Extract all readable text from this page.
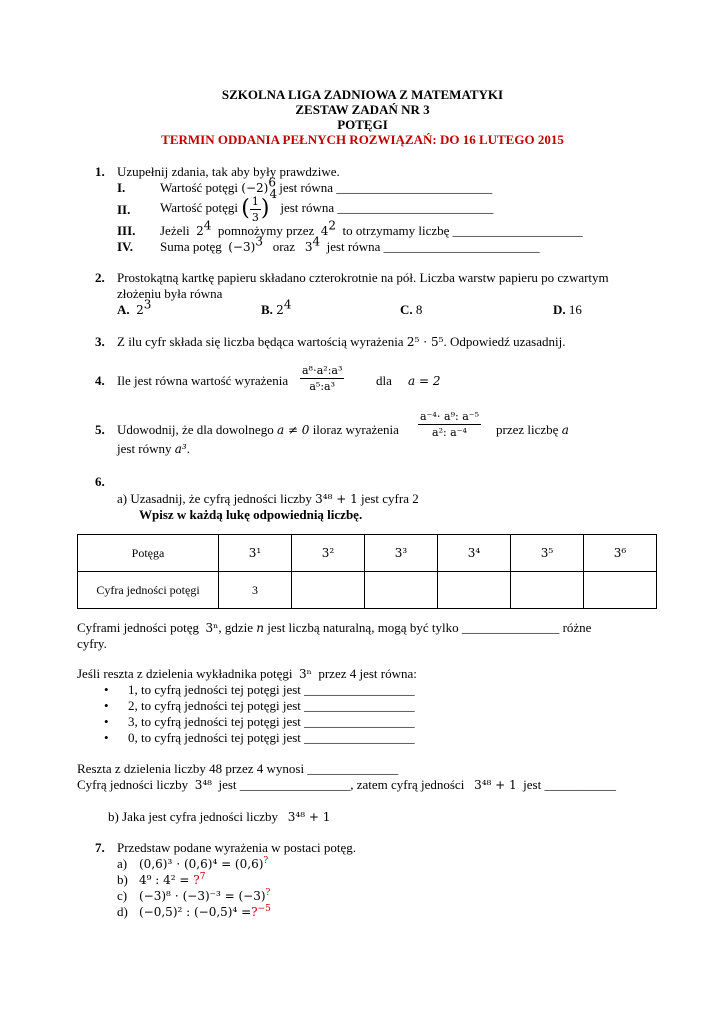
SZKOLNA LIGA ZADNIOWA Z MATEMATYKI
ZESTAW ZADAŃ NR 3
POTĘGI
TERMIN ODDANIA PEŁNYCH ROZWIĄZAŃ: DO 16 LUTEGO 2015
1. Uzupełnij zdania, tak aby były prawdziwe.
I.	Wartość potęgi $(-2)^6$ jest równa ________________________
II. Wartość potęgi ( $\frac{1}{3} )^4$ jest równa ________________________
III. Jeżeli $2^4$ pomnożymy przez $4^2$ to otrzymamy liczbę ____________________
IV. Suma potęg $(-3)^3$ oraz $3^4$ jest równa ________________________
2. Prostokątną kartkę papieru składano czterokrotnie na pół. Liczba warstw papieru po czwartym
złożeniu była równa
A. $2^3$	B. $2^4$	C. 8	D. 16
3. Z ilu cyfr składa się liczba będąca wartością wyrażenia 2⁵ ⋅ 5⁵. Odpowiedź uzasadnij.
4. Ile jest równa wartość wyrażenia $\frac{\text{a⁸⋅a²:a³}}{\text{a⁵:a³}}$ dla a = 2
5. Udowodnij, że dla dowolnego a ≠ 0 iloraz wyrażenia $\frac{\text{a⁻⁴⋅ a⁹: a⁻⁵}}{\text{a²: a⁻⁴}}$ przez liczbę a
jest równy a³.
6.
a) Uzasadnij, że cyfrą jedności liczby 3⁴⁸ + 1 jest cyfra 2
Wpisz w każdą lukę odpowiednią liczbę.
Potęga	3¹	3²	3³	3⁴	3⁵	3⁶
Cyfra jedności potęgi	3					
Cyframi jedności potęg 3ⁿ, gdzie n jest liczbą naturalną, mogą być tylko _______________ różne
cyfry.
Jeśli reszta z dzielenia wykładnika potęgi 3ⁿ przez 4 jest równa:
• 1, to cyfrą jedności tej potęgi jest _________________
• 2, to cyfrą jedności tej potęgi jest _________________
• 3, to cyfrą jedności tej potęgi jest _________________
• 0, to cyfrą jedności tej potęgi jest _________________
Reszta z dzielenia liczby 48 przez 4 wynosi ______________
Cyfrą jedności liczby 3⁴⁸ jest _________________, zatem cyfrą jedności 3⁴⁸ + 1 jest ___________
b) Jaka jest cyfra jedności liczby 3⁴⁸ + 1
7. Przedstaw podane wyrażenia w postaci potęg.
a) (0,6)³ ⋅ (0,6)⁴ = (0,6)?
b) 4⁹ : 4² = ?$^7$
c) (−3)⁸ ⋅ (−3)⁻³ = (−3)?
d) (−0,5)² : (−0,5)⁴ =?$^{-5}$
